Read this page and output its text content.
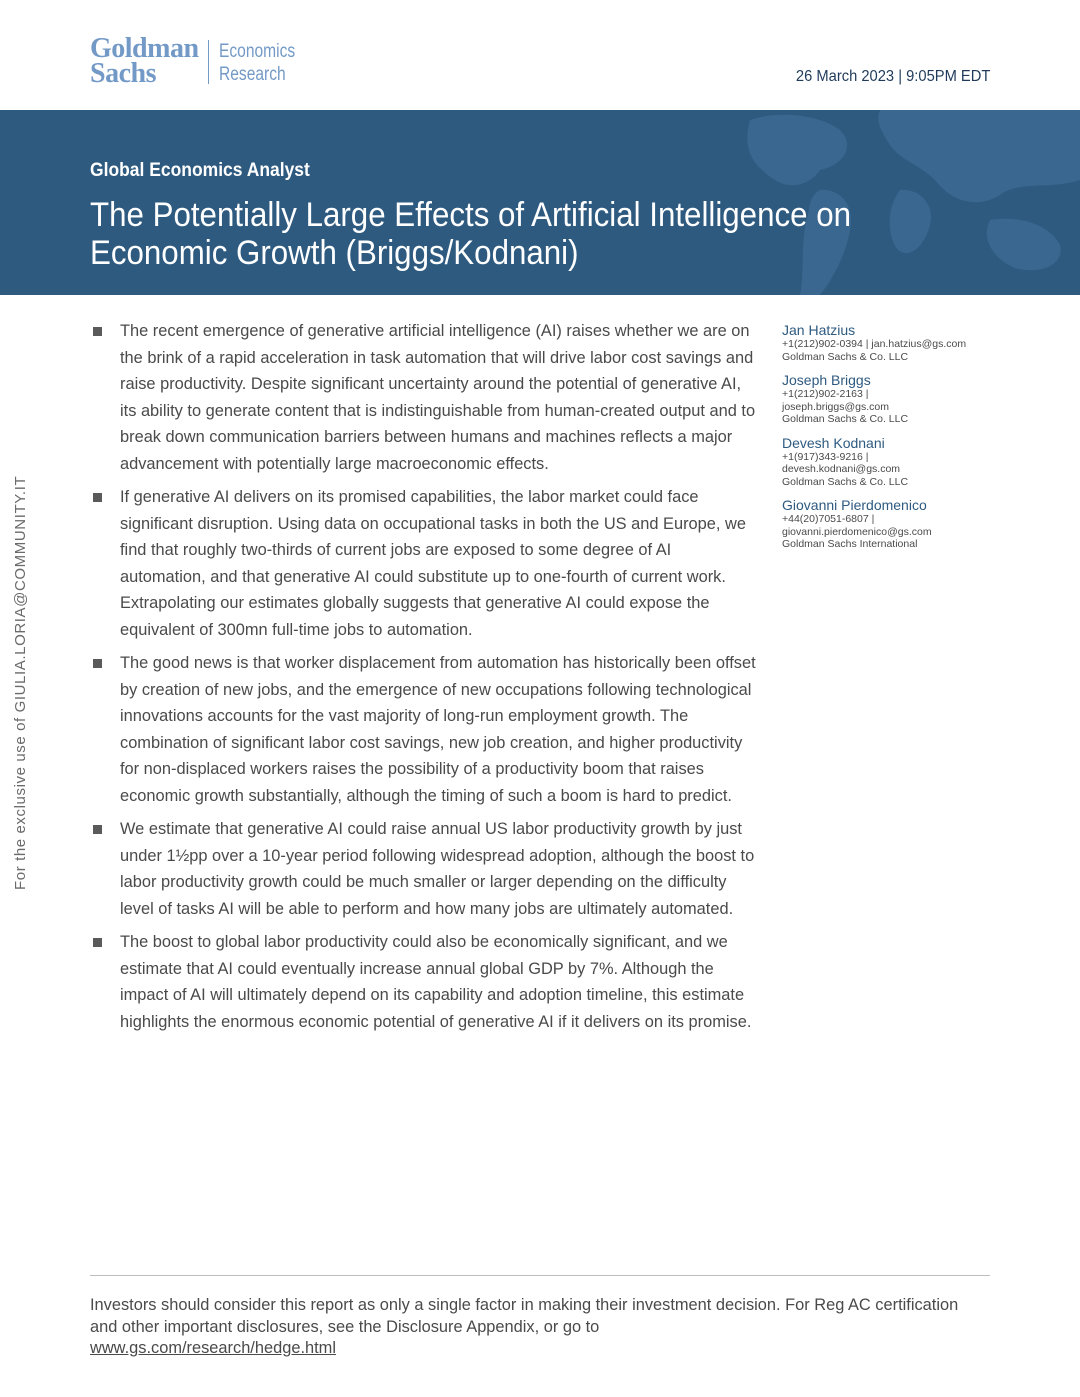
Goldman
Sachs
Economics
Research	26 March 2023 | 9:05PM EDT
Global Economics Analyst
The Potentially Large Effects of Artificial Intelligence on
Economic Growth (Briggs/Kodnani)
For the exclusive use of GIULIA.LORIA@COMMUNITY.IT
The recent emergence of generative artificial intelligence (AI) raises whether we are on the brink of a rapid acceleration in task automation that will drive labor cost savings and raise productivity. Despite significant uncertainty around the potential of generative AI, its ability to generate content that is indistinguishable from human-created output and to break down communication barriers between humans and machines reflects a major advancement with potentially large macroeconomic effects.
If generative AI delivers on its promised capabilities, the labor market could face significant disruption. Using data on occupational tasks in both the US and Europe, we find that roughly two-thirds of current jobs are exposed to some degree of AI automation, and that generative AI could substitute up to one-fourth of current work. Extrapolating our estimates globally suggests that generative AI could expose the equivalent of 300mn full-time jobs to automation.
The good news is that worker displacement from automation has historically been offset by creation of new jobs, and the emergence of new occupations following technological innovations accounts for the vast majority of long-run employment growth. The combination of significant labor cost savings, new job creation, and higher productivity for non-displaced workers raises the possibility of a productivity boom that raises economic growth substantially, although the timing of such a boom is hard to predict.
We estimate that generative AI could raise annual US labor productivity growth by just under 1½pp over a 10-year period following widespread adoption, although the boost to labor productivity growth could be much smaller or larger depending on the difficulty level of tasks AI will be able to perform and how many jobs are ultimately automated.
The boost to global labor productivity could also be economically significant, and we estimate that AI could eventually increase annual global GDP by 7%. Although the impact of AI will ultimately depend on its capability and adoption timeline, this estimate highlights the enormous economic potential of generative AI if it delivers on its promise.
Jan Hatzius
+1(212)902-0394 | jan.hatzius@gs.com
Goldman Sachs & Co. LLC
Joseph Briggs
+1(212)902-2163 |
joseph.briggs@gs.com
Goldman Sachs & Co. LLC
Devesh Kodnani
+1(917)343-9216 |
devesh.kodnani@gs.com
Goldman Sachs & Co. LLC
Giovanni Pierdomenico
+44(20)7051-6807 |
giovanni.pierdomenico@gs.com
Goldman Sachs International
Investors should consider this report as only a single factor in making their investment decision. For Reg AC certification and other important disclosures, see the Disclosure Appendix, or go to
www.gs.com/research/hedge.html
